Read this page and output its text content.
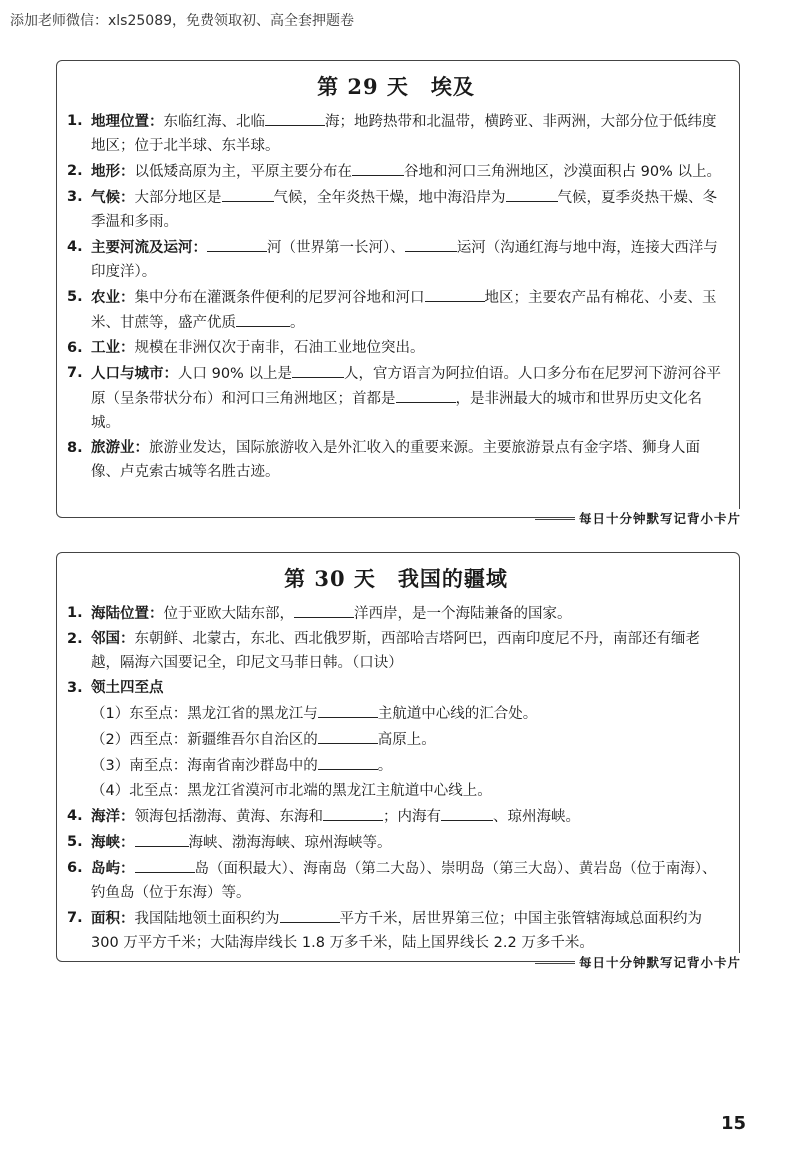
添加老师微信：xls25089，免费领取初、高全套押题卷
第 29 天　埃及
1. 地理位置：东临红海、北临	海；地跨热带和北温带，横跨亚、非两洲，大部分位于低纬度地区；位于北半球、东半球。
2. 地形：以低矮高原为主，平原主要分布在	谷地和河口三角洲地区，沙漠面积占 90% 以上。
3. 气候：大部分地区是	气候，全年炎热干燥，地中海沿岸为	气候，夏季炎热干燥、冬季温和多雨。
4. 主要河流及运河：	河（世界第一长河）、	运河（沟通红海与地中海，连接大西洋与印度洋）。
5. 农业：集中分布在灌溉条件便利的尼罗河谷地和河口	地区；主要农产品有棉花、小麦、玉米、甘蔗等，盛产优质	。
6. 工业：规模在非洲仅次于南非，石油工业地位突出。
7. 人口与城市：人口 90% 以上是	人，官方语言为阿拉伯语。人口多分布在尼罗河下游河谷平原（呈条带状分布）和河口三角洲地区；首都是	，是非洲最大的城市和世界历史文化名城。
8. 旅游业：旅游业发达，国际旅游收入是外汇收入的重要来源。主要旅游景点有金字塔、狮身人面像、卢克索古城等名胜古迹。
每日十分钟默写记背小卡片
第 30 天　我国的疆域
1. 海陆位置：位于亚欧大陆东部，	洋西岸，是一个海陆兼备的国家。
2. 邻国：东朝鲜、北蒙古，东北、西北俄罗斯，西部哈吉塔阿巴，西南印度尼不丹，南部还有缅老越，隔海六国要记全，印尼文马菲日韩。（口诀）
3. 领土四至点
（1）东至点：黑龙江省的黑龙江与	主航道中心线的汇合处。
（2）西至点：新疆维吾尔自治区的	高原上。
（3）南至点：海南省南沙群岛中的	。
（4）北至点：黑龙江省漠河市北端的黑龙江主航道中心线上。
4. 海洋：领海包括渤海、黄海、东海和	；内海有	、琼州海峡。
5. 海峡：	海峡、渤海海峡、琼州海峡等。
6. 岛屿：	岛（面积最大）、海南岛（第二大岛）、崇明岛（第三大岛）、黄岩岛（位于南海）、钓鱼岛（位于东海）等。
7. 面积：我国陆地领土面积约为	平方千米，居世界第三位；中国主张管辖海域总面积约为 300 万平方千米；大陆海岸线长 1.8 万多千米，陆上国界线长 2.2 万多千米。
每日十分钟默写记背小卡片
15
